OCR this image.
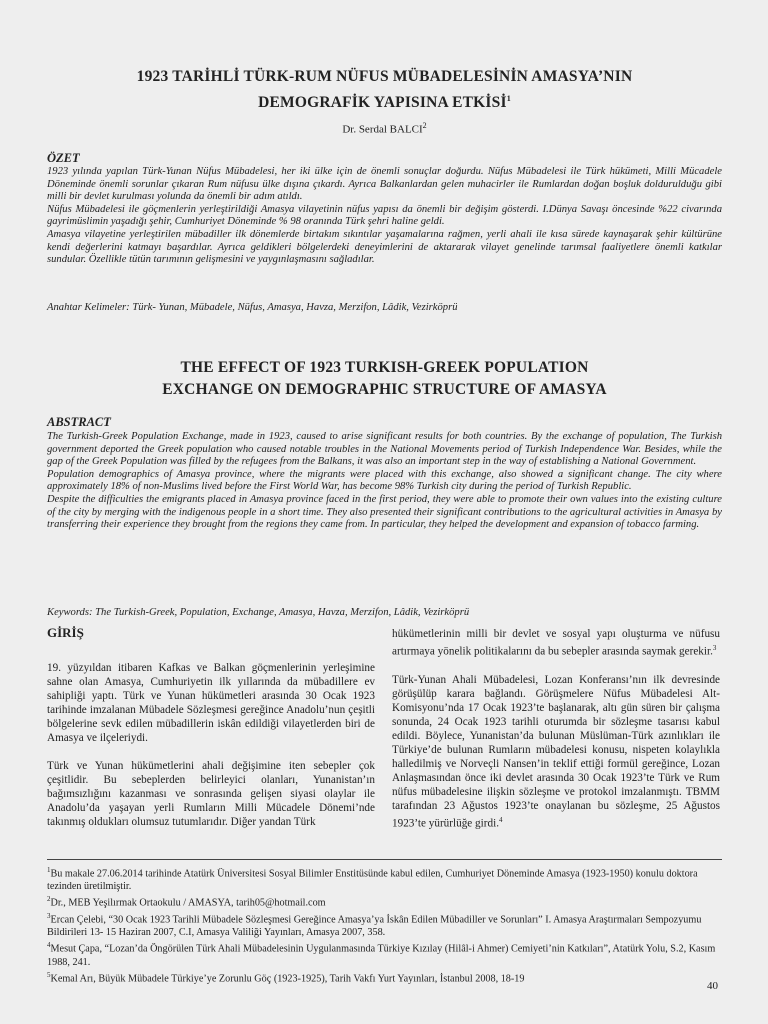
1923 TARİHLİ TÜRK-RUM NÜFUS MÜBADELESİNİN AMASYA’NIN
DEMOGRAFİK YAPISINA ETKİSİ$^1$
Dr. Serdal BALCI$^2$
ÖZET

1923 yılında yapılan Türk-Yunan Nüfus Mübadelesi, her iki ülke için de önemli sonuçlar doğurdu. Nüfus Mübadelesi ile Türk hükümeti, Milli Mücadele Döneminde önemli sorunlar çıkaran Rum nüfusu ülke dışına çıkardı. Ayrıca Balkanlardan gelen muhacirler ile Rumlardan doğan boşluk doldurulduğu gibi milli bir devlet kurulması yolunda da önemli bir adım atıldı.

Nüfus Mübadelesi ile göçmenlerin yerleştirildiği Amasya vilayetinin nüfus yapısı da önemli bir değişim gösterdi. I.Dünya Savaşı öncesinde %22 civarında gayrimüslimin yaşadığı şehir, Cumhuriyet Döneminde % 98 oranında Türk şehri haline geldi.

Amasya vilayetine yerleştirilen mübadiller ilk dönemlerde birtakım sıkıntılar yaşamalarına rağmen, yerli ahali ile kısa sürede kaynaşarak şehir kültürüne kendi değerlerini katmayı başardılar. Ayrıca geldikleri bölgelerdeki deneyimlerini de aktararak vilayet genelinde tarımsal faaliyetlere önemli katkılar sundular. Özellikle tütün tarımının gelişmesini ve yaygınlaşmasını sağladılar.

Anahtar Kelimeler: Türk- Yunan, Mübadele, Nüfus, Amasya, Havza, Merzifon, Lâdik, Vezirköprü
THE EFFECT OF 1923 TURKISH-GREEK POPULATION
EXCHANGE ON DEMOGRAPHIC STRUCTURE OF AMASYA
ABSTRACT

The Turkish-Greek Population Exchange, made in 1923, caused to arise significant results for both countries. By the exchange of population, The Turkish government deported the Greek population who caused notable troubles in the National Movements period of Turkish Independence War. Besides, while the gap of the Greek Population was filled by the refugees from the Balkans, it was also an important step in the way of establishing a National Government.

Population demographics of Amasya province, where the migrants were placed with this exchange, also showed a significant change. The city where approximately 18% of non-Muslims lived before the First World War, has become 98% Turkish city during the period of Turkish Republic.

Despite the difficulties the emigrants placed in Amasya province faced in the first period, they were able to promote their own values into the existing culture of the city by merging with the indigenous people in a short time. They also presented their significant contributions to the agricultural activities in Amasya by transferring their experience they brought from the regions they came from. In particular, they helped the development and expansion of tobacco farming.

Keywords: The Turkish-Greek, Population, Exchange, Amasya, Havza, Merzifon, Lâdik, Vezirköprü
GİRİŞ

19. yüzyıldan itibaren Kafkas ve Balkan göçmenlerinin yerleşimine sahne olan Amasya, Cumhuriyetin ilk yıllarında da mübadillere ev sahipliği yaptı. Türk ve Yunan hükümetleri arasında 30 Ocak 1923 tarihinde imzalanan Mübadele Sözleşmesi gereğince Anadolu’nun çeşitli bölgelerine sevk edilen mübadillerin iskân edildiği vilayetlerden biri de Amasya ve ilçeleriydi.

Türk ve Yunan hükümetlerini ahali değişimine iten sebepler çok çeşitlidir. Bu sebeplerden belirleyici olanları, Yunanistan’ın bağımsızlığını kazanması ve sonrasında gelişen siyasi olaylar ile Anadolu’da yaşayan yerli Rumların Milli Mücadele Dönemi’nde takınmış oldukları olumsuz tutumlarıdır. Diğer yandan Türk

hükümetlerinin milli bir devlet ve sosyal yapı oluşturma ve nüfusu artırmaya yönelik politikalarını da bu sebepler arasında saymak gerekir.$^3$

Türk-Yunan Ahali Mübadelesi, Lozan Konferansı’nın ilk devresinde görüşülüp karara bağlandı. Görüşmelere Nüfus Mübadelesi Alt-Komisyonu’nda 17 Ocak 1923’te başlanarak, altı gün süren bir çalışma sonunda, 24 Ocak 1923 tarihli oturumda bir sözleşme tasarısı kabul edildi. Böylece, Yunanistan’da bulunan Müslüman-Türk azınlıkları ile Türkiye’de bulunan Rumların mübadelesi konusu, nispeten kolaylıkla halledilmiş ve Norveçli Nansen’in teklif ettiği formül gereğince, Lozan Anlaşmasından önce iki devlet arasında 30 Ocak 1923’te Türk ve Rum nüfus mübadelesine ilişkin sözleşme ve protokol imzalanmıştı. TBMM tarafından 23 Ağustos 1923’te onaylanan bu sözleşme, 25 Ağustos 1923’te yürürlüğe girdi.$^4$

$^1$Bu makale 27.06.2014 tarihinde Atatürk Üniversitesi Sosyal Bilimler Enstitüsünde kabul edilen, Cumhuriyet Döneminde Amasya (1923-1950) konulu doktora tezinden üretilmiştir.
$^2$Dr., MEB Yeşilırmak Ortaokulu / AMASYA, tarih05@hotmail.com
$^3$Ercan Çelebi, “30 Ocak 1923 Tarihli Mübadele Sözleşmesi Gereğince Amasya’ya İskân Edilen Mübadiller ve Sorunları” I. Amasya Araştırmaları Sempozyumu Bildirileri 13- 15 Haziran 2007, C.I, Amasya Valiliği Yayınları, Amasya 2007, 358.
$^4$Mesut Çapa, “Lozan’da Öngörülen Türk Ahali Mübadelesinin Uygulanmasında Türkiye Kızılay (Hilâl-i Ahmer) Cemiyeti’nin Katkıları”, Atatürk Yolu, S.2, Kasım 1988, 241.
$^5$Kemal Arı, Büyük Mübadele Türkiye’ye Zorunlu Göç (1923-1925), Tarih Vakfı Yurt Yayınları, İstanbul 2008, 18-19
40
